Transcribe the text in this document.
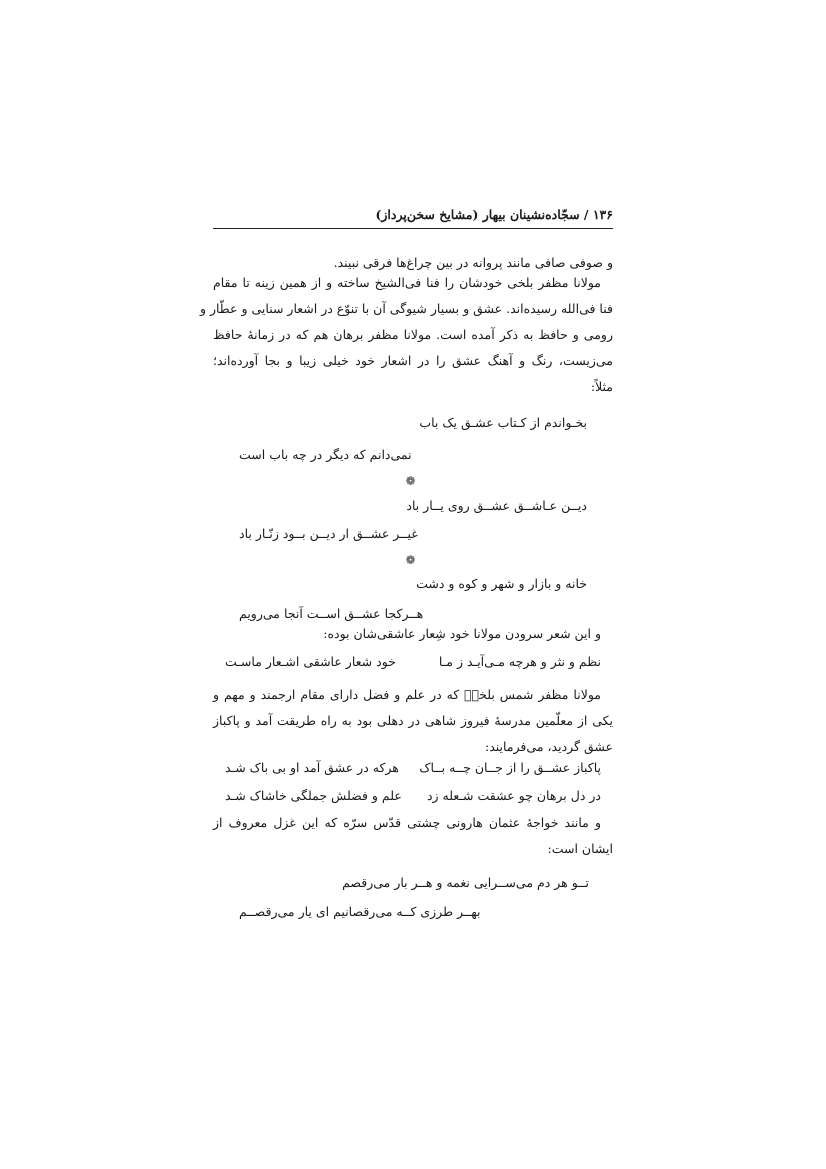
۱۳۶ / سجّاده‌نشینان بیهار (مشایخ سخن‌پرداز)
و صوفی صافی مانند پروانه در بین چراغ‌ها فرقی نبیند.
مولانا مظفر بلخی خودشان را فنا فی‌الشیخ ساخته و از همین زینه تا مقام
فنا فی‌الله رسیده‌اند. عشق و بسیار شیوگی آن با تنوّع در اشعار سنایی و عطّار و
رومی و حافظ به ذکر آمده است. مولانا مظفر برهان هم که در زمانهٔ حافظ
می‌زیست، رنگ و آهنگ عشق را در اشعار خود خیلی زیبا و بجا آورده‌اند؛
مثلاً:
بخـواندم از کـتاب عشـق یک باب
نمی‌دانم که دیگر در چه باب است
❁
دیــن عـاشــق عشــق روی یــار باد
غیــر عشــق ار دیــن بــود زنّـار باد
❁
خانه و بازار و شهر و کوه و دشت
هــرکجا عشــق اســت آنجا می‌رویم
و این شعر سرودن مولانا خود شِعار عاشقی‌شان بوده:
نظم و نثر و هرچه مـی‌آیـد ز مـا
خود شعار عاشقی اشـعار ماسـت
مولانا مظفر شمس بلخیؒ که در علم و فضل دارای مقام ارجمند و مهم و
یکی از معلّمین مدرسهٔ فیروز شاهی در دهلی بود به راه طریقت آمد و پاکباز
عشق گردید، می‌فرمایند:
پاکباز عشــق را از جــان چــه بــاک
هرکه در عشق آمد او بی باک شـد
در دل برهان چو عشقت شـعله زد
علم و فضلش جملگی خاشاک شـد
و مانند خواجهٔ عثمان هارونی چشتی قدّس سرّه که این غزل معروف از
ایشان است:
تــو هر دم می‌ســرایی نغمه و هــر بار می‌رقصم
بهــر طرزی کــه می‌رقصانیم ای یار می‌رقصــم
